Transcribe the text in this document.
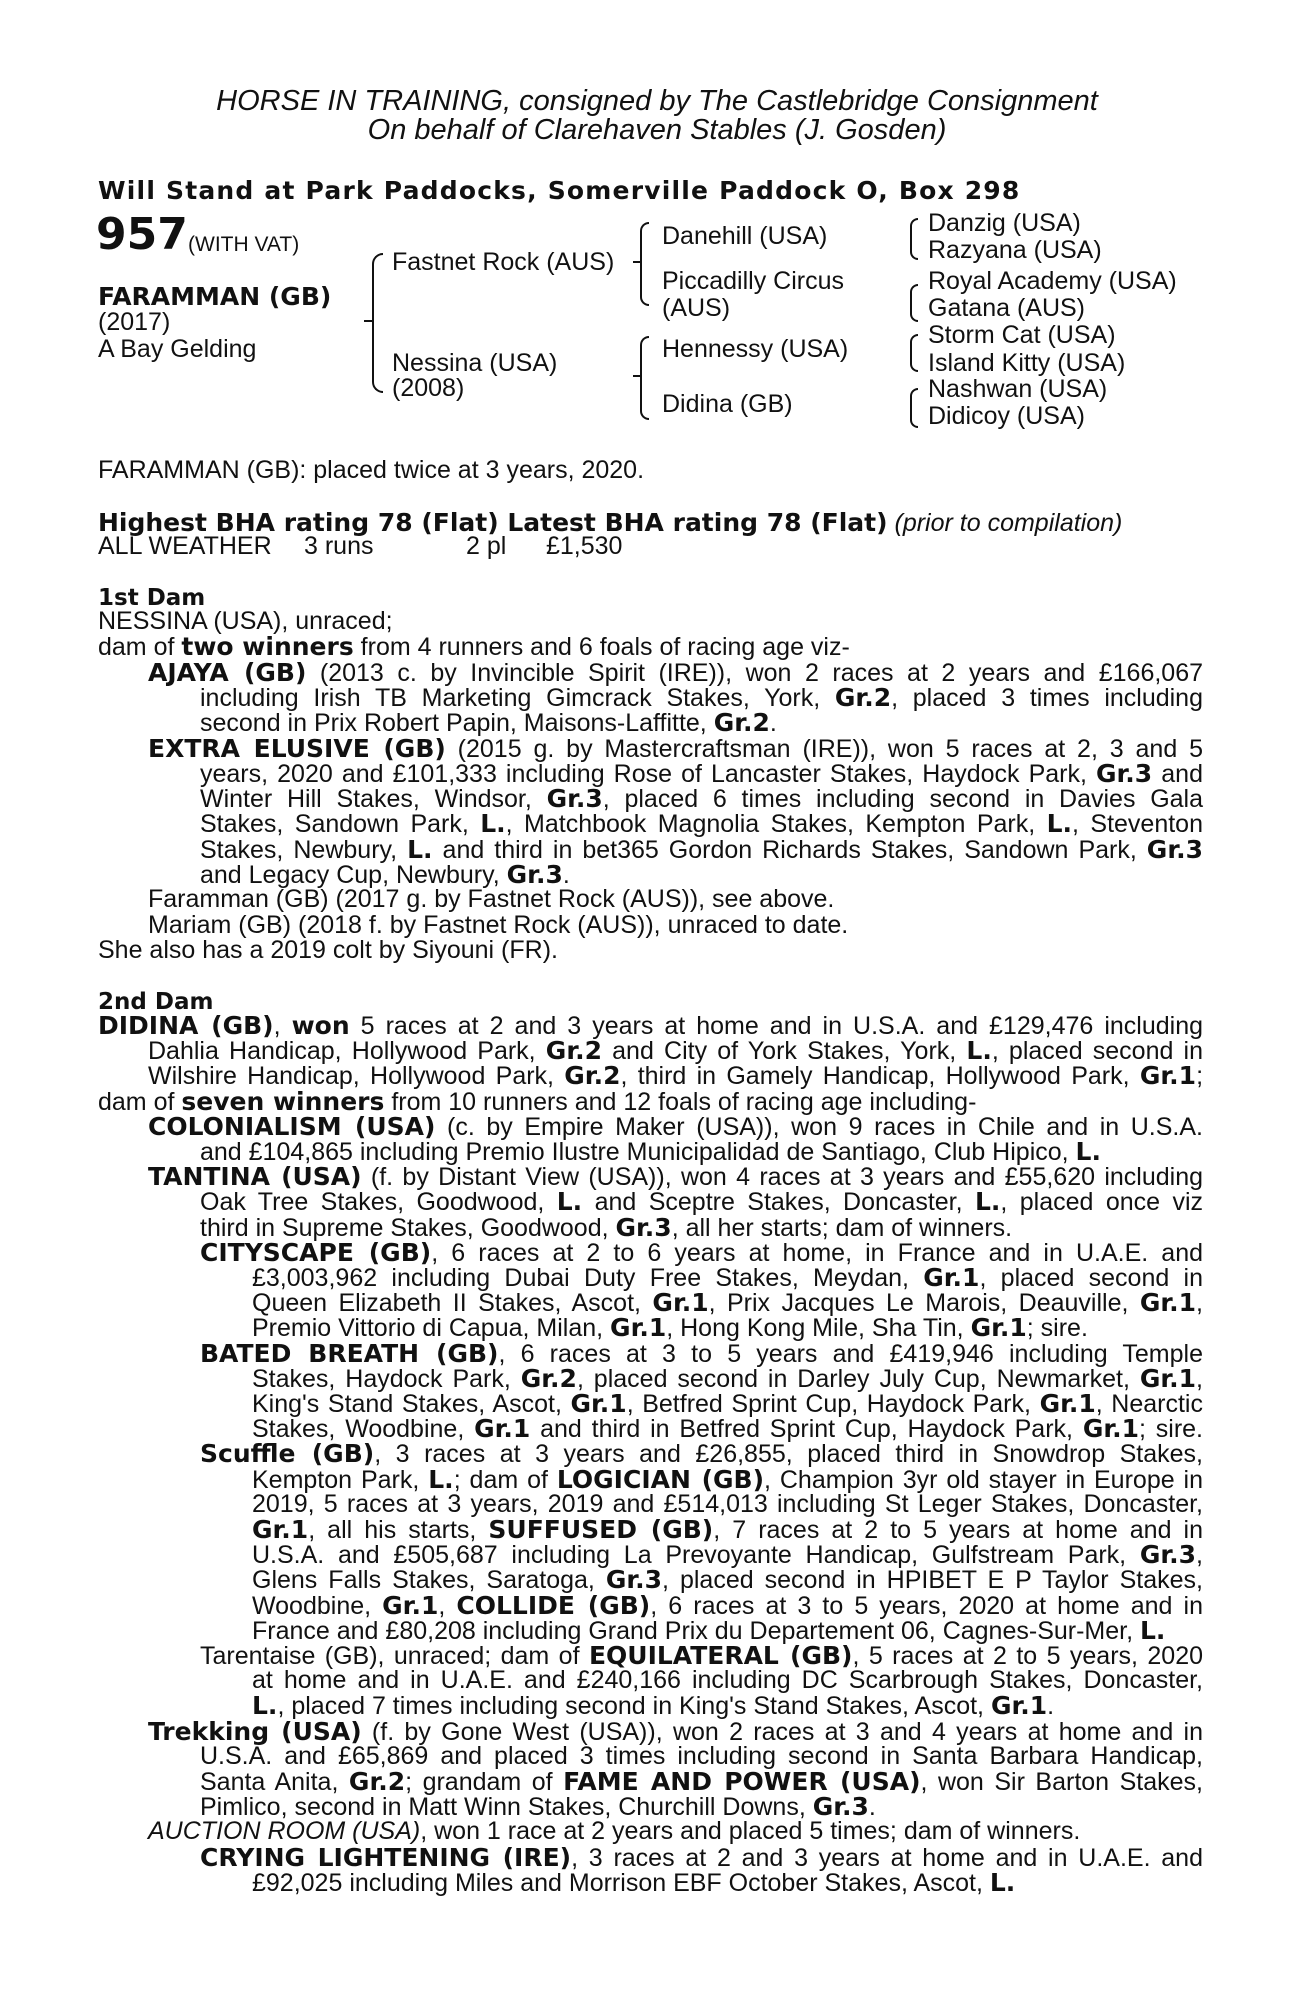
HORSE IN TRAINING, consigned by The Castlebridge Consignment
On behalf of Clarehaven Stables (J. Gosden)
Will Stand at Park Paddocks, Somerville Paddock O, Box 298
957 (WITH VAT)
FARAMMAN (GB)
(2017)
A Bay Gelding
Fastnet Rock (AUS)
Nessina (USA)
(2008)
Danehill (USA)
Piccadilly Circus
(AUS)
Hennessy (USA)
Didina (GB)
Danzig (USA)
Razyana (USA)
Royal Academy (USA)
Gatana (AUS)
Storm Cat (USA)
Island Kitty (USA)
Nashwan (USA)
Didicoy (USA)
FARAMMAN (GB): placed twice at 3 years, 2020.
Highest BHA rating 78 (Flat) Latest BHA rating 78 (Flat) (prior to compilation)
ALL WEATHER 3 runs	2 pl £1,530
1st Dam
NESSINA (USA), unraced;
dam of two winners from 4 runners and 6 foals of racing age viz-
AJAYA (GB) (2013 c. by Invincible Spirit (IRE)), won 2 races at 2 years and £166,067
including Irish TB Marketing Gimcrack Stakes, York, Gr.2, placed 3 times including
second in Prix Robert Papin, Maisons-Laffitte, Gr.2.
EXTRA ELUSIVE (GB) (2015 g. by Mastercraftsman (IRE)), won 5 races at 2, 3 and 5
years, 2020 and £101,333 including Rose of Lancaster Stakes, Haydock Park, Gr.3 and
Winter Hill Stakes, Windsor, Gr.3, placed 6 times including second in Davies Gala
Stakes, Sandown Park, L., Matchbook Magnolia Stakes, Kempton Park, L., Steventon
Stakes, Newbury, L. and third in bet365 Gordon Richards Stakes, Sandown Park, Gr.3
and Legacy Cup, Newbury, Gr.3.
Faramman (GB) (2017 g. by Fastnet Rock (AUS)), see above.
Mariam (GB) (2018 f. by Fastnet Rock (AUS)), unraced to date.
She also has a 2019 colt by Siyouni (FR).
2nd Dam
DIDINA (GB), won 5 races at 2 and 3 years at home and in U.S.A. and £129,476 including
Dahlia Handicap, Hollywood Park, Gr.2 and City of York Stakes, York, L., placed second in
Wilshire Handicap, Hollywood Park, Gr.2, third in Gamely Handicap, Hollywood Park, Gr.1;
dam of seven winners from 10 runners and 12 foals of racing age including-
COLONIALISM (USA) (c. by Empire Maker (USA)), won 9 races in Chile and in U.S.A.
and £104,865 including Premio Ilustre Municipalidad de Santiago, Club Hipico, L.
TANTINA (USA) (f. by Distant View (USA)), won 4 races at 3 years and £55,620 including
Oak Tree Stakes, Goodwood, L. and Sceptre Stakes, Doncaster, L., placed once viz
third in Supreme Stakes, Goodwood, Gr.3, all her starts; dam of winners.
CITYSCAPE (GB), 6 races at 2 to 6 years at home, in France and in U.A.E. and
£3,003,962 including Dubai Duty Free Stakes, Meydan, Gr.1, placed second in
Queen Elizabeth II Stakes, Ascot, Gr.1, Prix Jacques Le Marois, Deauville, Gr.1,
Premio Vittorio di Capua, Milan, Gr.1, Hong Kong Mile, Sha Tin, Gr.1; sire.
BATED BREATH (GB), 6 races at 3 to 5 years and £419,946 including Temple
Stakes, Haydock Park, Gr.2, placed second in Darley July Cup, Newmarket, Gr.1,
King's Stand Stakes, Ascot, Gr.1, Betfred Sprint Cup, Haydock Park, Gr.1, Nearctic
Stakes, Woodbine, Gr.1 and third in Betfred Sprint Cup, Haydock Park, Gr.1; sire.
Scuffle (GB), 3 races at 3 years and £26,855, placed third in Snowdrop Stakes,
Kempton Park, L.; dam of LOGICIAN (GB), Champion 3yr old stayer in Europe in
2019, 5 races at 3 years, 2019 and £514,013 including St Leger Stakes, Doncaster,
Gr.1, all his starts, SUFFUSED (GB), 7 races at 2 to 5 years at home and in
U.S.A. and £505,687 including La Prevoyante Handicap, Gulfstream Park, Gr.3,
Glens Falls Stakes, Saratoga, Gr.3, placed second in HPIBET E P Taylor Stakes,
Woodbine, Gr.1, COLLIDE (GB), 6 races at 3 to 5 years, 2020 at home and in
France and £80,208 including Grand Prix du Departement 06, Cagnes-Sur-Mer, L.
Tarentaise (GB), unraced; dam of EQUILATERAL (GB), 5 races at 2 to 5 years, 2020
at home and in U.A.E. and £240,166 including DC Scarbrough Stakes, Doncaster,
L., placed 7 times including second in King's Stand Stakes, Ascot, Gr.1.
Trekking (USA) (f. by Gone West (USA)), won 2 races at 3 and 4 years at home and in
U.S.A. and £65,869 and placed 3 times including second in Santa Barbara Handicap,
Santa Anita, Gr.2; grandam of FAME AND POWER (USA), won Sir Barton Stakes,
Pimlico, second in Matt Winn Stakes, Churchill Downs, Gr.3.
AUCTION ROOM (USA), won 1 race at 2 years and placed 5 times; dam of winners.
CRYING LIGHTENING (IRE), 3 races at 2 and 3 years at home and in U.A.E. and
£92,025 including Miles and Morrison EBF October Stakes, Ascot, L.
